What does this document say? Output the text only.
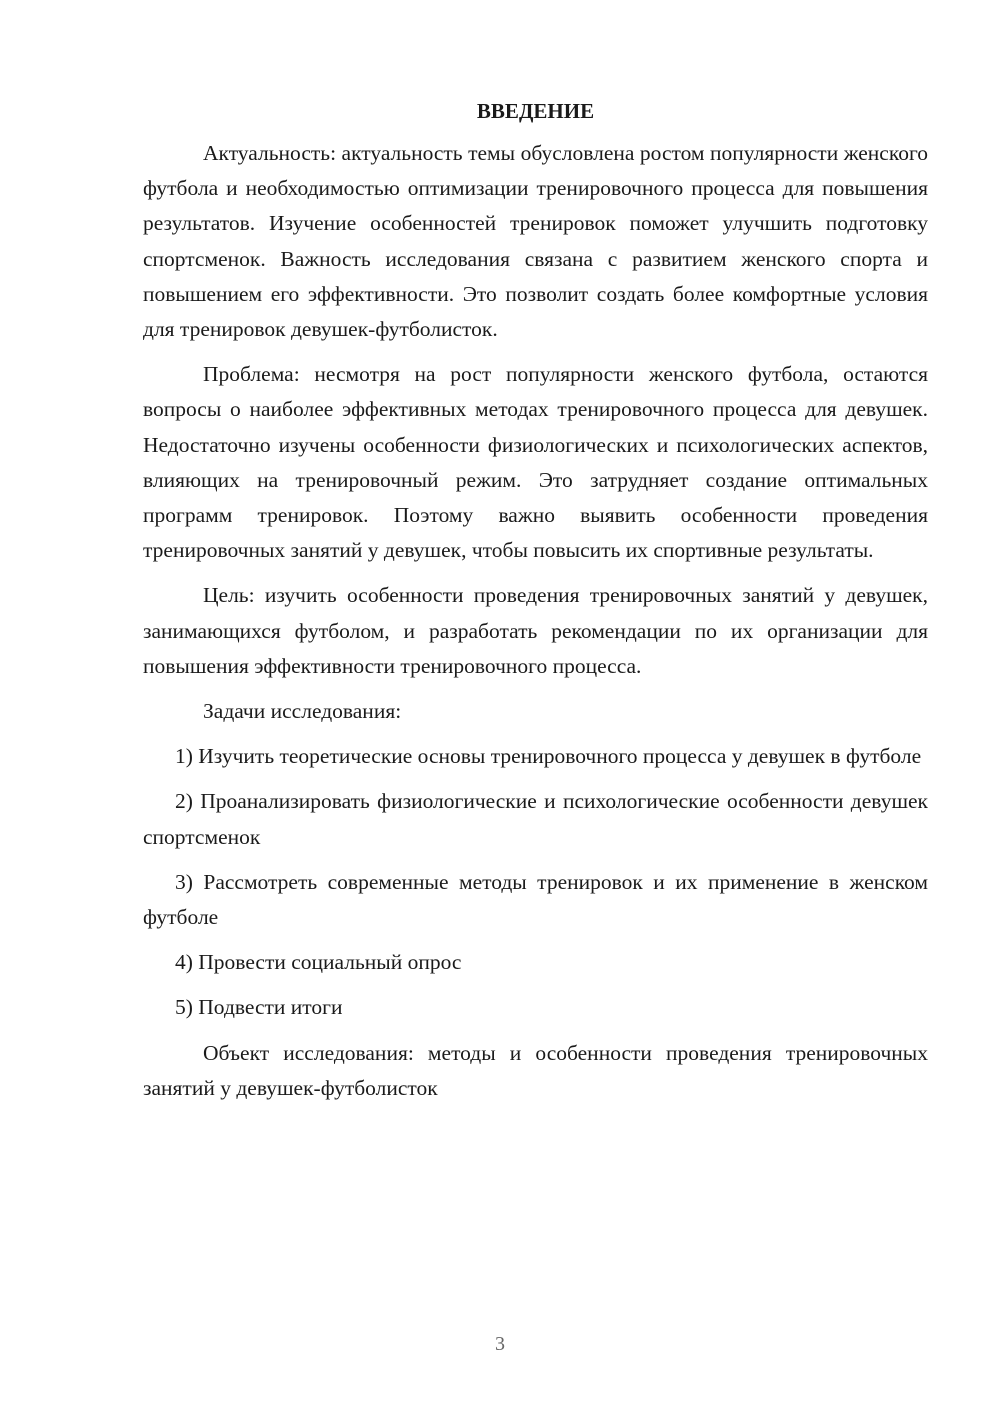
ВВЕДЕНИЕ

Актуальность: актуальность темы обусловлена ростом популярности женского футбола и необходимостью оптимизации тренировочного процесса для повышения результатов. Изучение особенностей тренировок поможет улучшить подготовку спортсменок. Важность исследования связана с развитием женского спорта и повышением его эффективности. Это позволит создать более комфортные условия для тренировок девушек-футболисток.

Проблема: несмотря на рост популярности женского футбола, остаются вопросы о наиболее эффективных методах тренировочного процесса для девушек. Недостаточно изучены особенности физиологических и психологических аспектов, влияющих на тренировочный режим. Это затрудняет создание оптимальных программ тренировок. Поэтому важно выявить особенности проведения тренировочных занятий у девушек, чтобы повысить их спортивные результаты.

Цель: изучить особенности проведения тренировочных занятий у девушек, занимающихся футболом, и разработать рекомендации по их организации для повышения эффективности тренировочного процесса.

Задачи исследования:

1) Изучить теоретические основы тренировочного процесса у девушек в футболе

2) Проанализировать физиологические и психологические особенности девушек спортсменок

3) Рассмотреть современные методы тренировок и их применение в женском футболе

4) Провести социальный опрос

5) Подвести итоги

Объект исследования: методы и особенности проведения тренировочных занятий у девушек-футболисток

3
